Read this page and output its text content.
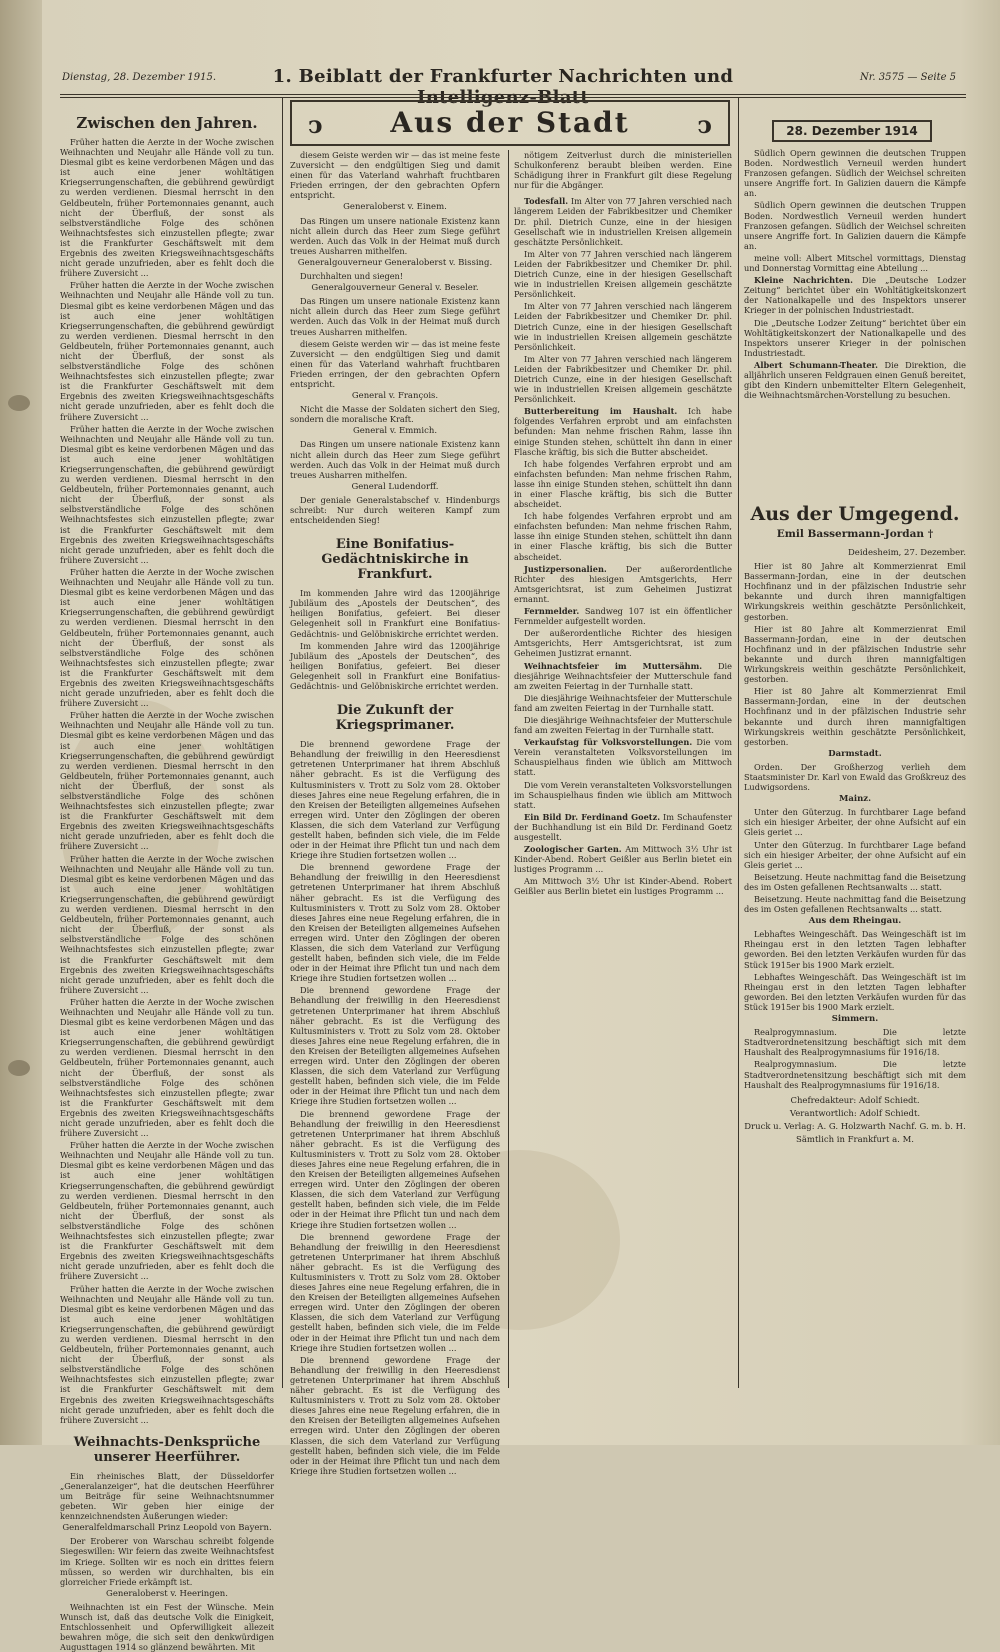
Dienstag, 28. Dezember 1915.	1. Beiblatt der Frankfurter Nachrichten und	Nr. 3575 — Seite 5
ↄ	Aus der Stadt	ↄ
Zwischen den Jahren.

Früher hatten die Aerzte in der Woche zwischen Weihnachten und Neujahr alle Hände voll zu tun. Diesmal gibt es keine verdorbenen Mägen und das ist auch eine jener wohltätigen Kriegserrungenschaften, die gebührend gewürdigt zu werden verdienen. Diesmal herrscht in den Geldbeuteln, früher Portemonnaies genannt, auch nicht der Überfluß, der sonst als selbstverständliche Folge des schönen Weihnachtsfestes sich einzustellen pflegte; zwar ist die Frankfurter Geschäftswelt mit dem Ergebnis des zweiten Kriegsweihnachtsgeschäfts nicht gerade unzufrieden, aber es fehlt doch die frühere Zuversicht ...

Früher hatten die Aerzte in der Woche zwischen Weihnachten und Neujahr alle Hände voll zu tun. Diesmal gibt es keine verdorbenen Mägen und das ist auch eine jener wohltätigen Kriegserrungenschaften, die gebührend gewürdigt zu werden verdienen. Diesmal herrscht in den Geldbeuteln, früher Portemonnaies genannt, auch nicht der Überfluß, der sonst als selbstverständliche Folge des schönen Weihnachtsfestes sich einzustellen pflegte; zwar ist die Frankfurter Geschäftswelt mit dem Ergebnis des zweiten Kriegsweihnachtsgeschäfts nicht gerade unzufrieden, aber es fehlt doch die frühere Zuversicht ...

Früher hatten die Aerzte in der Woche zwischen Weihnachten und Neujahr alle Hände voll zu tun. Diesmal gibt es keine verdorbenen Mägen und das ist auch eine jener wohltätigen Kriegserrungenschaften, die gebührend gewürdigt zu werden verdienen. Diesmal herrscht in den Geldbeuteln, früher Portemonnaies genannt, auch nicht der Überfluß, der sonst als selbstverständliche Folge des schönen Weihnachtsfestes sich einzustellen pflegte; zwar ist die Frankfurter Geschäftswelt mit dem Ergebnis des zweiten Kriegsweihnachtsgeschäfts nicht gerade unzufrieden, aber es fehlt doch die frühere Zuversicht ...

Früher hatten die Aerzte in der Woche zwischen Weihnachten und Neujahr alle Hände voll zu tun. Diesmal gibt es keine verdorbenen Mägen und das ist auch eine jener wohltätigen Kriegserrungenschaften, die gebührend gewürdigt zu werden verdienen. Diesmal herrscht in den Geldbeuteln, früher Portemonnaies genannt, auch nicht der Überfluß, der sonst als selbstverständliche Folge des schönen Weihnachtsfestes sich einzustellen pflegte; zwar ist die Frankfurter Geschäftswelt mit dem Ergebnis des zweiten Kriegsweihnachtsgeschäfts nicht gerade unzufrieden, aber es fehlt doch die frühere Zuversicht ...

Früher hatten die Aerzte in der Woche zwischen Weihnachten und Neujahr alle Hände voll zu tun. Diesmal gibt es keine verdorbenen Mägen und das ist auch eine jener wohltätigen Kriegserrungenschaften, die gebührend gewürdigt zu werden verdienen. Diesmal herrscht in den Geldbeuteln, früher Portemonnaies genannt, auch nicht der Überfluß, der sonst als selbstverständliche Folge des schönen Weihnachtsfestes sich einzustellen pflegte; zwar ist die Frankfurter Geschäftswelt mit dem Ergebnis des zweiten Kriegsweihnachtsgeschäfts nicht gerade unzufrieden, aber es fehlt doch die frühere Zuversicht ...

Früher hatten die Aerzte in der Woche zwischen Weihnachten und Neujahr alle Hände voll zu tun. Diesmal gibt es keine verdorbenen Mägen und das ist auch eine jener wohltätigen Kriegserrungenschaften, die gebührend gewürdigt zu werden verdienen. Diesmal herrscht in den Geldbeuteln, früher Portemonnaies genannt, auch nicht der Überfluß, der sonst als selbstverständliche Folge des schönen Weihnachtsfestes sich einzustellen pflegte; zwar ist die Frankfurter Geschäftswelt mit dem Ergebnis des zweiten Kriegsweihnachtsgeschäfts nicht gerade unzufrieden, aber es fehlt doch die frühere Zuversicht ...

Früher hatten die Aerzte in der Woche zwischen Weihnachten und Neujahr alle Hände voll zu tun. Diesmal gibt es keine verdorbenen Mägen und das ist auch eine jener wohltätigen Kriegserrungenschaften, die gebührend gewürdigt zu werden verdienen. Diesmal herrscht in den Geldbeuteln, früher Portemonnaies genannt, auch nicht der Überfluß, der sonst als selbstverständliche Folge des schönen Weihnachtsfestes sich einzustellen pflegte; zwar ist die Frankfurter Geschäftswelt mit dem Ergebnis des zweiten Kriegsweihnachtsgeschäfts nicht gerade unzufrieden, aber es fehlt doch die frühere Zuversicht ...

Früher hatten die Aerzte in der Woche zwischen Weihnachten und Neujahr alle Hände voll zu tun. Diesmal gibt es keine verdorbenen Mägen und das ist auch eine jener wohltätigen Kriegserrungenschaften, die gebührend gewürdigt zu werden verdienen. Diesmal herrscht in den Geldbeuteln, früher Portemonnaies genannt, auch nicht der Überfluß, der sonst als selbstverständliche Folge des schönen Weihnachtsfestes sich einzustellen pflegte; zwar ist die Frankfurter Geschäftswelt mit dem Ergebnis des zweiten Kriegsweihnachtsgeschäfts nicht gerade unzufrieden, aber es fehlt doch die frühere Zuversicht ...

Früher hatten die Aerzte in der Woche zwischen Weihnachten und Neujahr alle Hände voll zu tun. Diesmal gibt es keine verdorbenen Mägen und das ist auch eine jener wohltätigen Kriegserrungenschaften, die gebührend gewürdigt zu werden verdienen. Diesmal herrscht in den Geldbeuteln, früher Portemonnaies genannt, auch nicht der Überfluß, der sonst als selbstverständliche Folge des schönen Weihnachtsfestes sich einzustellen pflegte; zwar ist die Frankfurter Geschäftswelt mit dem Ergebnis des zweiten Kriegsweihnachtsgeschäfts nicht gerade unzufrieden, aber es fehlt doch die frühere Zuversicht ...

Weihnachts-Denksprüche unserer Heerführer.

Ein rheinisches Blatt, der Düsseldorfer „Generalanzeiger“, hat die deutschen Heerführer um Beiträge für seine Weihnachtsnummer gebeten. Wir geben hier einige der kennzeichnendsten Äußerungen wieder:

Generalfeldmarschall Prinz Leopold von Bayern.

Der Eroberer von Warschau schreibt folgende Siegeswillen: Wir feiern das zweite Weihnachtsfest im Kriege. Sollten wir es noch ein drittes feiern müssen, so werden wir durchhalten, bis ein glorreicher Friede erkämpft ist.

Generaloberst v. Heeringen.

Weihnachten ist ein Fest der Wünsche. Mein Wunsch ist, daß das deutsche Volk die Einigkeit, Entschlossenheit und Opferwilligkeit allezeit bewahren möge, die sich seit den denkwürdigen Augusttagen 1914 so glänzend bewährten. Mit

diesem Geiste werden wir — das ist meine feste Zuversicht — den endgültigen Sieg und damit einen für das Vaterland wahrhaft fruchtbaren Frieden erringen, der den gebrachten Opfern entspricht.

Generaloberst v. Einem.

Das Ringen um unsere nationale Existenz kann nicht allein durch das Heer zum Siege geführt werden. Auch das Volk in der Heimat muß durch treues Ausharren mithelfen.

Generalgouverneur Generaloberst v. Bissing.

Durchhalten und siegen!

Generalgouverneur General v. Beseler.

Das Ringen um unsere nationale Existenz kann nicht allein durch das Heer zum Siege geführt werden. Auch das Volk in der Heimat muß durch treues Ausharren mithelfen.

diesem Geiste werden wir — das ist meine feste Zuversicht — den endgültigen Sieg und damit einen für das Vaterland wahrhaft fruchtbaren Frieden erringen, der den gebrachten Opfern entspricht.

General v. François.

Nicht die Masse der Soldaten sichert den Sieg, sondern die moralische Kraft.

General v. Emmich.

Das Ringen um unsere nationale Existenz kann nicht allein durch das Heer zum Siege geführt werden. Auch das Volk in der Heimat muß durch treues Ausharren mithelfen.

General Ludendorff.

Der geniale Generalstabschef v. Hindenburgs schreibt: Nur durch weiteren Kampf zum entscheidenden Sieg!

Eine Bonifatius-Gedächtniskirche in Frankfurt.

Im kommenden Jahre wird das 1200jährige Jubiläum des „Apostels der Deutschen“, des heiligen Bonifatius, gefeiert. Bei dieser Gelegenheit soll in Frankfurt eine Bonifatius-Gedächtnis- und Gelöbniskirche errichtet werden.

Im kommenden Jahre wird das 1200jährige Jubiläum des „Apostels der Deutschen“, des heiligen Bonifatius, gefeiert. Bei dieser Gelegenheit soll in Frankfurt eine Bonifatius-Gedächtnis- und Gelöbniskirche errichtet werden.

Die Zukunft der Kriegsprimaner.

Die brennend gewordene Frage der Behandlung der freiwillig in den Heeresdienst getretenen Unterprimaner hat ihrem Abschluß näher gebracht. Es ist die Verfügung des Kultusministers v. Trott zu Solz vom 28. Oktober dieses Jahres eine neue Regelung erfahren, die in den Kreisen der Beteiligten allgemeines Aufsehen erregen wird. Unter den Zöglingen der oberen Klassen, die sich dem Vaterland zur Verfügung gestellt haben, befinden sich viele, die im Felde oder in der Heimat ihre Pflicht tun und nach dem Kriege ihre Studien fortsetzen wollen ...

Die brennend gewordene Frage der Behandlung der freiwillig in den Heeresdienst getretenen Unterprimaner hat ihrem Abschluß näher gebracht. Es ist die Verfügung des Kultusministers v. Trott zu Solz vom 28. Oktober dieses Jahres eine neue Regelung erfahren, die in den Kreisen der Beteiligten allgemeines Aufsehen erregen wird. Unter den Zöglingen der oberen Klassen, die sich dem Vaterland zur Verfügung gestellt haben, befinden sich viele, die im Felde oder in der Heimat ihre Pflicht tun und nach dem Kriege ihre Studien fortsetzen wollen ...

Die brennend gewordene Frage der Behandlung der freiwillig in den Heeresdienst getretenen Unterprimaner hat ihrem Abschluß näher gebracht. Es ist die Verfügung des Kultusministers v. Trott zu Solz vom 28. Oktober dieses Jahres eine neue Regelung erfahren, die in den Kreisen der Beteiligten allgemeines Aufsehen erregen wird. Unter den Zöglingen der oberen Klassen, die sich dem Vaterland zur Verfügung gestellt haben, befinden sich viele, die im Felde oder in der Heimat ihre Pflicht tun und nach dem Kriege ihre Studien fortsetzen wollen ...

Die brennend gewordene Frage der Behandlung der freiwillig in den Heeresdienst getretenen Unterprimaner hat ihrem Abschluß näher gebracht. Es ist die Verfügung des Kultusministers v. Trott zu Solz vom 28. Oktober dieses Jahres eine neue Regelung erfahren, die in den Kreisen der Beteiligten allgemeines Aufsehen erregen wird. Unter den Zöglingen der oberen Klassen, die sich dem Vaterland zur Verfügung gestellt haben, befinden sich viele, die im Felde oder in der Heimat ihre Pflicht tun und nach dem Kriege ihre Studien fortsetzen wollen ...

Die brennend gewordene Frage der Behandlung der freiwillig in den Heeresdienst getretenen Unterprimaner hat ihrem Abschluß näher gebracht. Es ist die Verfügung des Kultusministers v. Trott zu Solz vom 28. Oktober dieses Jahres eine neue Regelung erfahren, die in den Kreisen der Beteiligten allgemeines Aufsehen erregen wird. Unter den Zöglingen der oberen Klassen, die sich dem Vaterland zur Verfügung gestellt haben, befinden sich viele, die im Felde oder in der Heimat ihre Pflicht tun und nach dem Kriege ihre Studien fortsetzen wollen ...

Die brennend gewordene Frage der Behandlung der freiwillig in den Heeresdienst getretenen Unterprimaner hat ihrem Abschluß näher gebracht. Es ist die Verfügung des Kultusministers v. Trott zu Solz vom 28. Oktober dieses Jahres eine neue Regelung erfahren, die in den Kreisen der Beteiligten allgemeines Aufsehen erregen wird. Unter den Zöglingen der oberen Klassen, die sich dem Vaterland zur Verfügung gestellt haben, befinden sich viele, die im Felde oder in der Heimat ihre Pflicht tun und nach dem Kriege ihre Studien fortsetzen wollen ...

nötigem Zeitverlust durch die ministeriellen Schulkonferenz beraubt bleiben werden. Eine Schädigung ihrer in Frankfurt gilt diese Regelung nur für die Abgänger.

Todesfall. Im Alter von 77 Jahren verschied nach längerem Leiden der Fabrikbesitzer und Chemiker Dr. phil. Dietrich Cunze, eine in der hiesigen Gesellschaft wie in industriellen Kreisen allgemein geschätzte Persönlichkeit.

Im Alter von 77 Jahren verschied nach längerem Leiden der Fabrikbesitzer und Chemiker Dr. phil. Dietrich Cunze, eine in der hiesigen Gesellschaft wie in industriellen Kreisen allgemein geschätzte Persönlichkeit.

Im Alter von 77 Jahren verschied nach längerem Leiden der Fabrikbesitzer und Chemiker Dr. phil. Dietrich Cunze, eine in der hiesigen Gesellschaft wie in industriellen Kreisen allgemein geschätzte Persönlichkeit.

Im Alter von 77 Jahren verschied nach längerem Leiden der Fabrikbesitzer und Chemiker Dr. phil. Dietrich Cunze, eine in der hiesigen Gesellschaft wie in industriellen Kreisen allgemein geschätzte Persönlichkeit.

Butterbereitung im Haushalt. Ich habe folgendes Verfahren erprobt und am einfachsten befunden: Man nehme frischen Rahm, lasse ihn einige Stunden stehen, schüttelt ihn dann in einer Flasche kräftig, bis sich die Butter abscheidet.

Ich habe folgendes Verfahren erprobt und am einfachsten befunden: Man nehme frischen Rahm, lasse ihn einige Stunden stehen, schüttelt ihn dann in einer Flasche kräftig, bis sich die Butter abscheidet.

Ich habe folgendes Verfahren erprobt und am einfachsten befunden: Man nehme frischen Rahm, lasse ihn einige Stunden stehen, schüttelt ihn dann in einer Flasche kräftig, bis sich die Butter abscheidet.

Justizpersonalien. Der außerordentliche Richter des hiesigen Amtsgerichts, Herr Amtsgerichtsrat, ist zum Geheimen Justizrat ernannt.

Fernmelder. Sandweg 107 ist ein öffentlicher Fernmelder aufgestellt worden.

Der außerordentliche Richter des hiesigen Amtsgerichts, Herr Amtsgerichtsrat, ist zum Geheimen Justizrat ernannt.

Weihnachtsfeier im Muttersähm. Die diesjährige Weihnachtsfeier der Mutterschule fand am zweiten Feiertag in der Turnhalle statt.

Die diesjährige Weihnachtsfeier der Mutterschule fand am zweiten Feiertag in der Turnhalle statt.

Die diesjährige Weihnachtsfeier der Mutterschule fand am zweiten Feiertag in der Turnhalle statt.

Verkaufstag für Volksvorstellungen. Die vom Verein veranstalteten Volksvorstellungen im Schauspielhaus finden wie üblich am Mittwoch statt.

Die vom Verein veranstalteten Volksvorstellungen im Schauspielhaus finden wie üblich am Mittwoch statt.

Ein Bild Dr. Ferdinand Goetz. Im Schaufenster der Buchhandlung ist ein Bild Dr. Ferdinand Goetz ausgestellt.

Zoologischer Garten. Am Mittwoch 3½ Uhr ist Kinder-Abend. Robert Geißler aus Berlin bietet ein lustiges Programm ...

Am Mittwoch 3½ Uhr ist Kinder-Abend. Robert Geißler aus Berlin bietet ein lustiges Programm ...

28. Dezember 1914

Südlich Opern gewinnen die deutschen Truppen Boden. Nordwestlich Verneuil werden hundert Franzosen gefangen. Südlich der Weichsel schreiten unsere Angriffe fort. In Galizien dauern die Kämpfe an.

Südlich Opern gewinnen die deutschen Truppen Boden. Nordwestlich Verneuil werden hundert Franzosen gefangen. Südlich der Weichsel schreiten unsere Angriffe fort. In Galizien dauern die Kämpfe an.

meine voll: Albert Mitschel vormittags, Dienstag und Donnerstag Vormittag eine Abteilung ...

Kleine Nachrichten. Die „Deutsche Lodzer Zeitung“ berichtet über ein Wohltätigkeitskonzert der Nationalkapelle und des Inspektors unserer Krieger in der polnischen Industriestadt.

Die „Deutsche Lodzer Zeitung“ berichtet über ein Wohltätigkeitskonzert der Nationalkapelle und des Inspektors unserer Krieger in der polnischen Industriestadt.

Albert Schumann-Theater. Die Direktion, die alljährlich unseren Feldgrauen einen Genuß bereitet, gibt den Kindern unbemittelter Eltern Gelegenheit, die Weihnachtsmärchen-Vorstellung zu besuchen.

Aus der Umgegend.
Emil Bassermann-Jordan †
Deidesheim, 27. Dezember.

Hier ist 80 Jahre alt Kommerzienrat Emil Bassermann-Jordan, eine in der deutschen Hochfinanz und in der pfälzischen Industrie sehr bekannte und durch ihren mannigfaltigen Wirkungskreis weithin geschätzte Persönlichkeit, gestorben.

Hier ist 80 Jahre alt Kommerzienrat Emil Bassermann-Jordan, eine in der deutschen Hochfinanz und in der pfälzischen Industrie sehr bekannte und durch ihren mannigfaltigen Wirkungskreis weithin geschätzte Persönlichkeit, gestorben.

Hier ist 80 Jahre alt Kommerzienrat Emil Bassermann-Jordan, eine in der deutschen Hochfinanz und in der pfälzischen Industrie sehr bekannte und durch ihren mannigfaltigen Wirkungskreis weithin geschätzte Persönlichkeit, gestorben.

Darmstadt.

Orden. Der Großherzog verlieh dem Staatsminister Dr. Karl von Ewald das Großkreuz des Ludwigsordens.

Mainz.

Unter den Güterzug. In furchtbarer Lage befand sich ein hiesiger Arbeiter, der ohne Aufsicht auf ein Gleis geriet ...

Unter den Güterzug. In furchtbarer Lage befand sich ein hiesiger Arbeiter, der ohne Aufsicht auf ein Gleis geriet ...

Beisetzung. Heute nachmittag fand die Beisetzung des im Osten gefallenen Rechtsanwalts ... statt.

Beisetzung. Heute nachmittag fand die Beisetzung des im Osten gefallenen Rechtsanwalts ... statt.

Aus dem Rheingau.

Lebhaftes Weingeschäft. Das Weingeschäft ist im Rheingau erst in den letzten Tagen lebhafter geworden. Bei den letzten Verkäufen wurden für das Stück 1915er bis 1900 Mark erzielt.

Lebhaftes Weingeschäft. Das Weingeschäft ist im Rheingau erst in den letzten Tagen lebhafter geworden. Bei den letzten Verkäufen wurden für das Stück 1915er bis 1900 Mark erzielt.

Simmern.

Realprogymnasium. Die letzte Stadtverordnetensitzung beschäftigt sich mit dem Haushalt des Realprogymnasiums für 1916/18.

Realprogymnasium. Die letzte Stadtverordnetensitzung beschäftigt sich mit dem Haushalt des Realprogymnasiums für 1916/18.

Chefredakteur: Adolf Schiedt.
Verantwortlich: Adolf Schiedt.
Druck u. Verlag: A. G. Holzwarth Nachf. G. m. b. H.
Sämtlich in Frankfurt a. M.
